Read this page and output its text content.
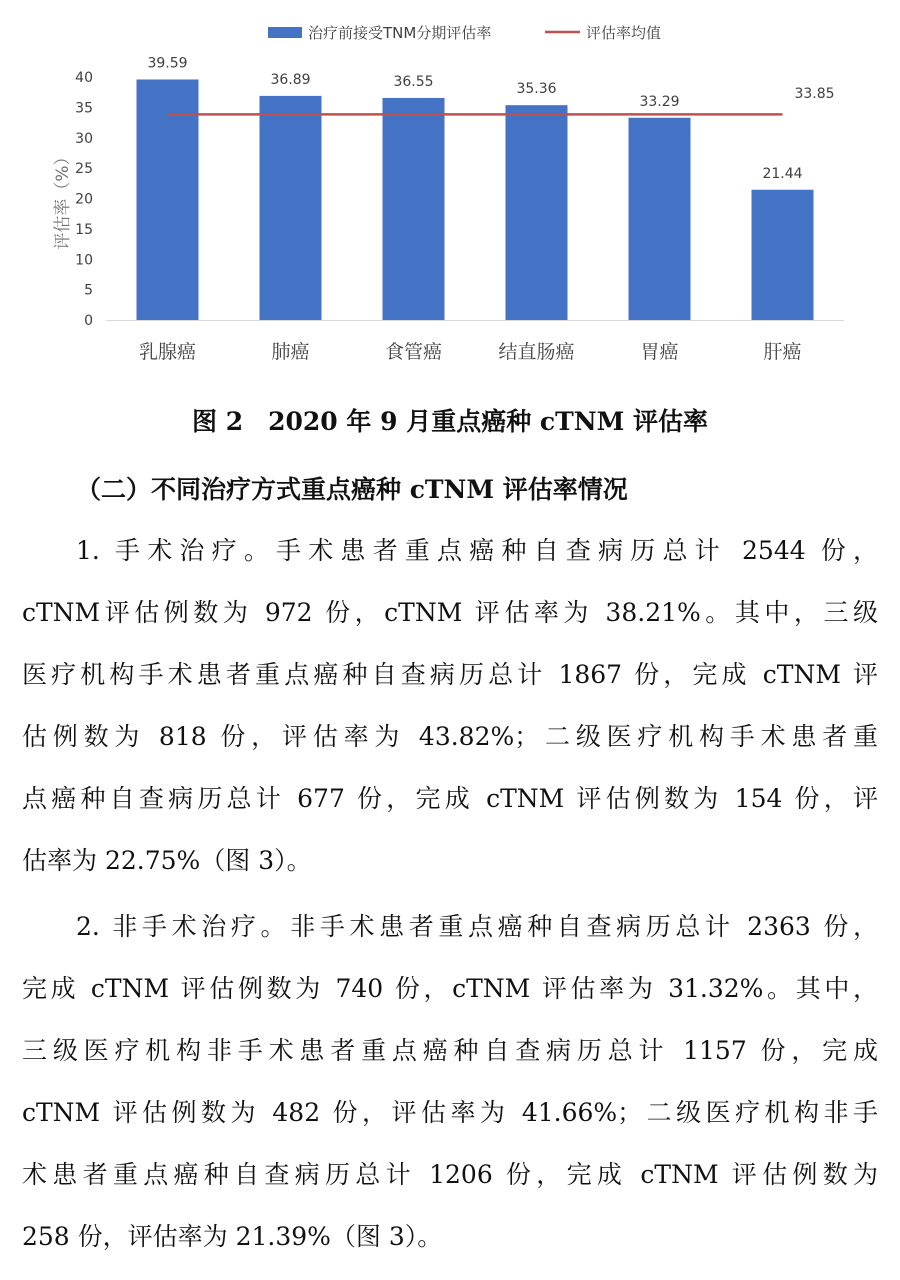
治疗前接受TNM分期评估率	评估率均值
0
5
10
15
20
25
30
35
40
评估率（%）
39.59
36.89	36.55	35.36
33.29
21.44
33.85
乳腺癌	肺癌	食管癌	结直肠癌	胃癌	肝癌
图 2　2020 年 9 月重点癌种 cTNM 评估率
（二）不同治疗方式重点癌种 cTNM 评估率情况
1. 手术治疗。手术患者重点癌种自查病历总计 2544 份，
cTNM评估例数为 972 份，cTNM 评估率为 38.21%。其中，三级
医疗机构手术患者重点癌种自查病历总计 1867 份，完成 cTNM 评
估例数为 818 份，评估率为 43.82%；二级医疗机构手术患者重
点癌种自查病历总计 677 份，完成 cTNM 评估例数为 154 份，评
估率为 22.75%（图 3）。
2. 非手术治疗。非手术患者重点癌种自查病历总计 2363 份，
完成 cTNM 评估例数为 740 份，cTNM 评估率为 31.32%。其中，
三级医疗机构非手术患者重点癌种自查病历总计 1157 份，完成
cTNM 评估例数为 482 份，评估率为 41.66%；二级医疗机构非手
术患者重点癌种自查病历总计 1206 份，完成 cTNM 评估例数为
258 份，评估率为 21.39%（图 3）。
